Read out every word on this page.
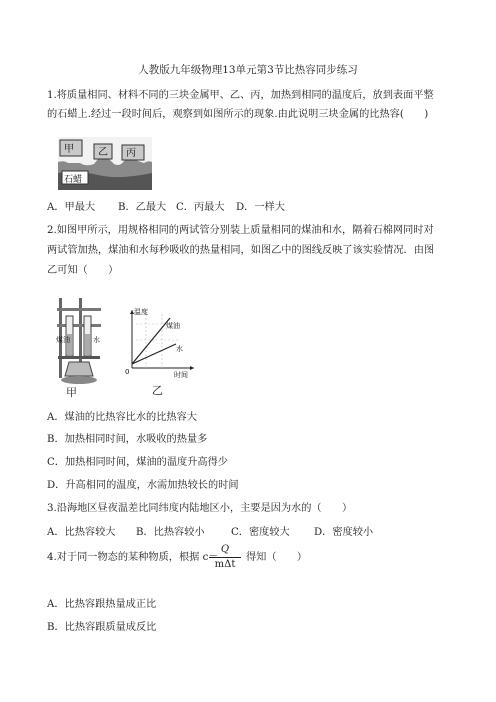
人教版九年级物理13单元第3节比热容同步练习
1.将质量相同、材料不同的三块金属甲、乙、丙，加热到相同的温度后，放到表面平整
的石蜡上.经过一段时间后，观察到如图所示的现象.由此说明三块金属的比热容(　　)
甲 乙 丙
石蜡
A．甲最大 B．乙最大 C．丙最大 D．一样大
2.如图甲所示，用规格相同的两试管分别装上质量相同的煤油和水，隔着石棉网同时对
两试管加热，煤油和水每秒吸收的热量相同，如图乙中的图线反映了该实验情况．由图
乙可知（　　）
煤油	水
甲
温度
时间
0
煤油
水
乙
A．煤油的比热容比水的比热容大
B．加热相同时间，水吸收的热量多
C．加热相同时间，煤油的温度升高得少
D．升高相同的温度，水需加热较长的时间
3.沿海地区昼夜温差比同纬度内陆地区小，主要是因为水的（　　）
A．比热容较大 B．比热容较小	C．密度较大 D．密度较小
4.对于同一物态的某种物质，根据 c＝
Q
mΔt
得知（　　）
A．比热容跟热量成正比
B．比热容跟质量成反比
